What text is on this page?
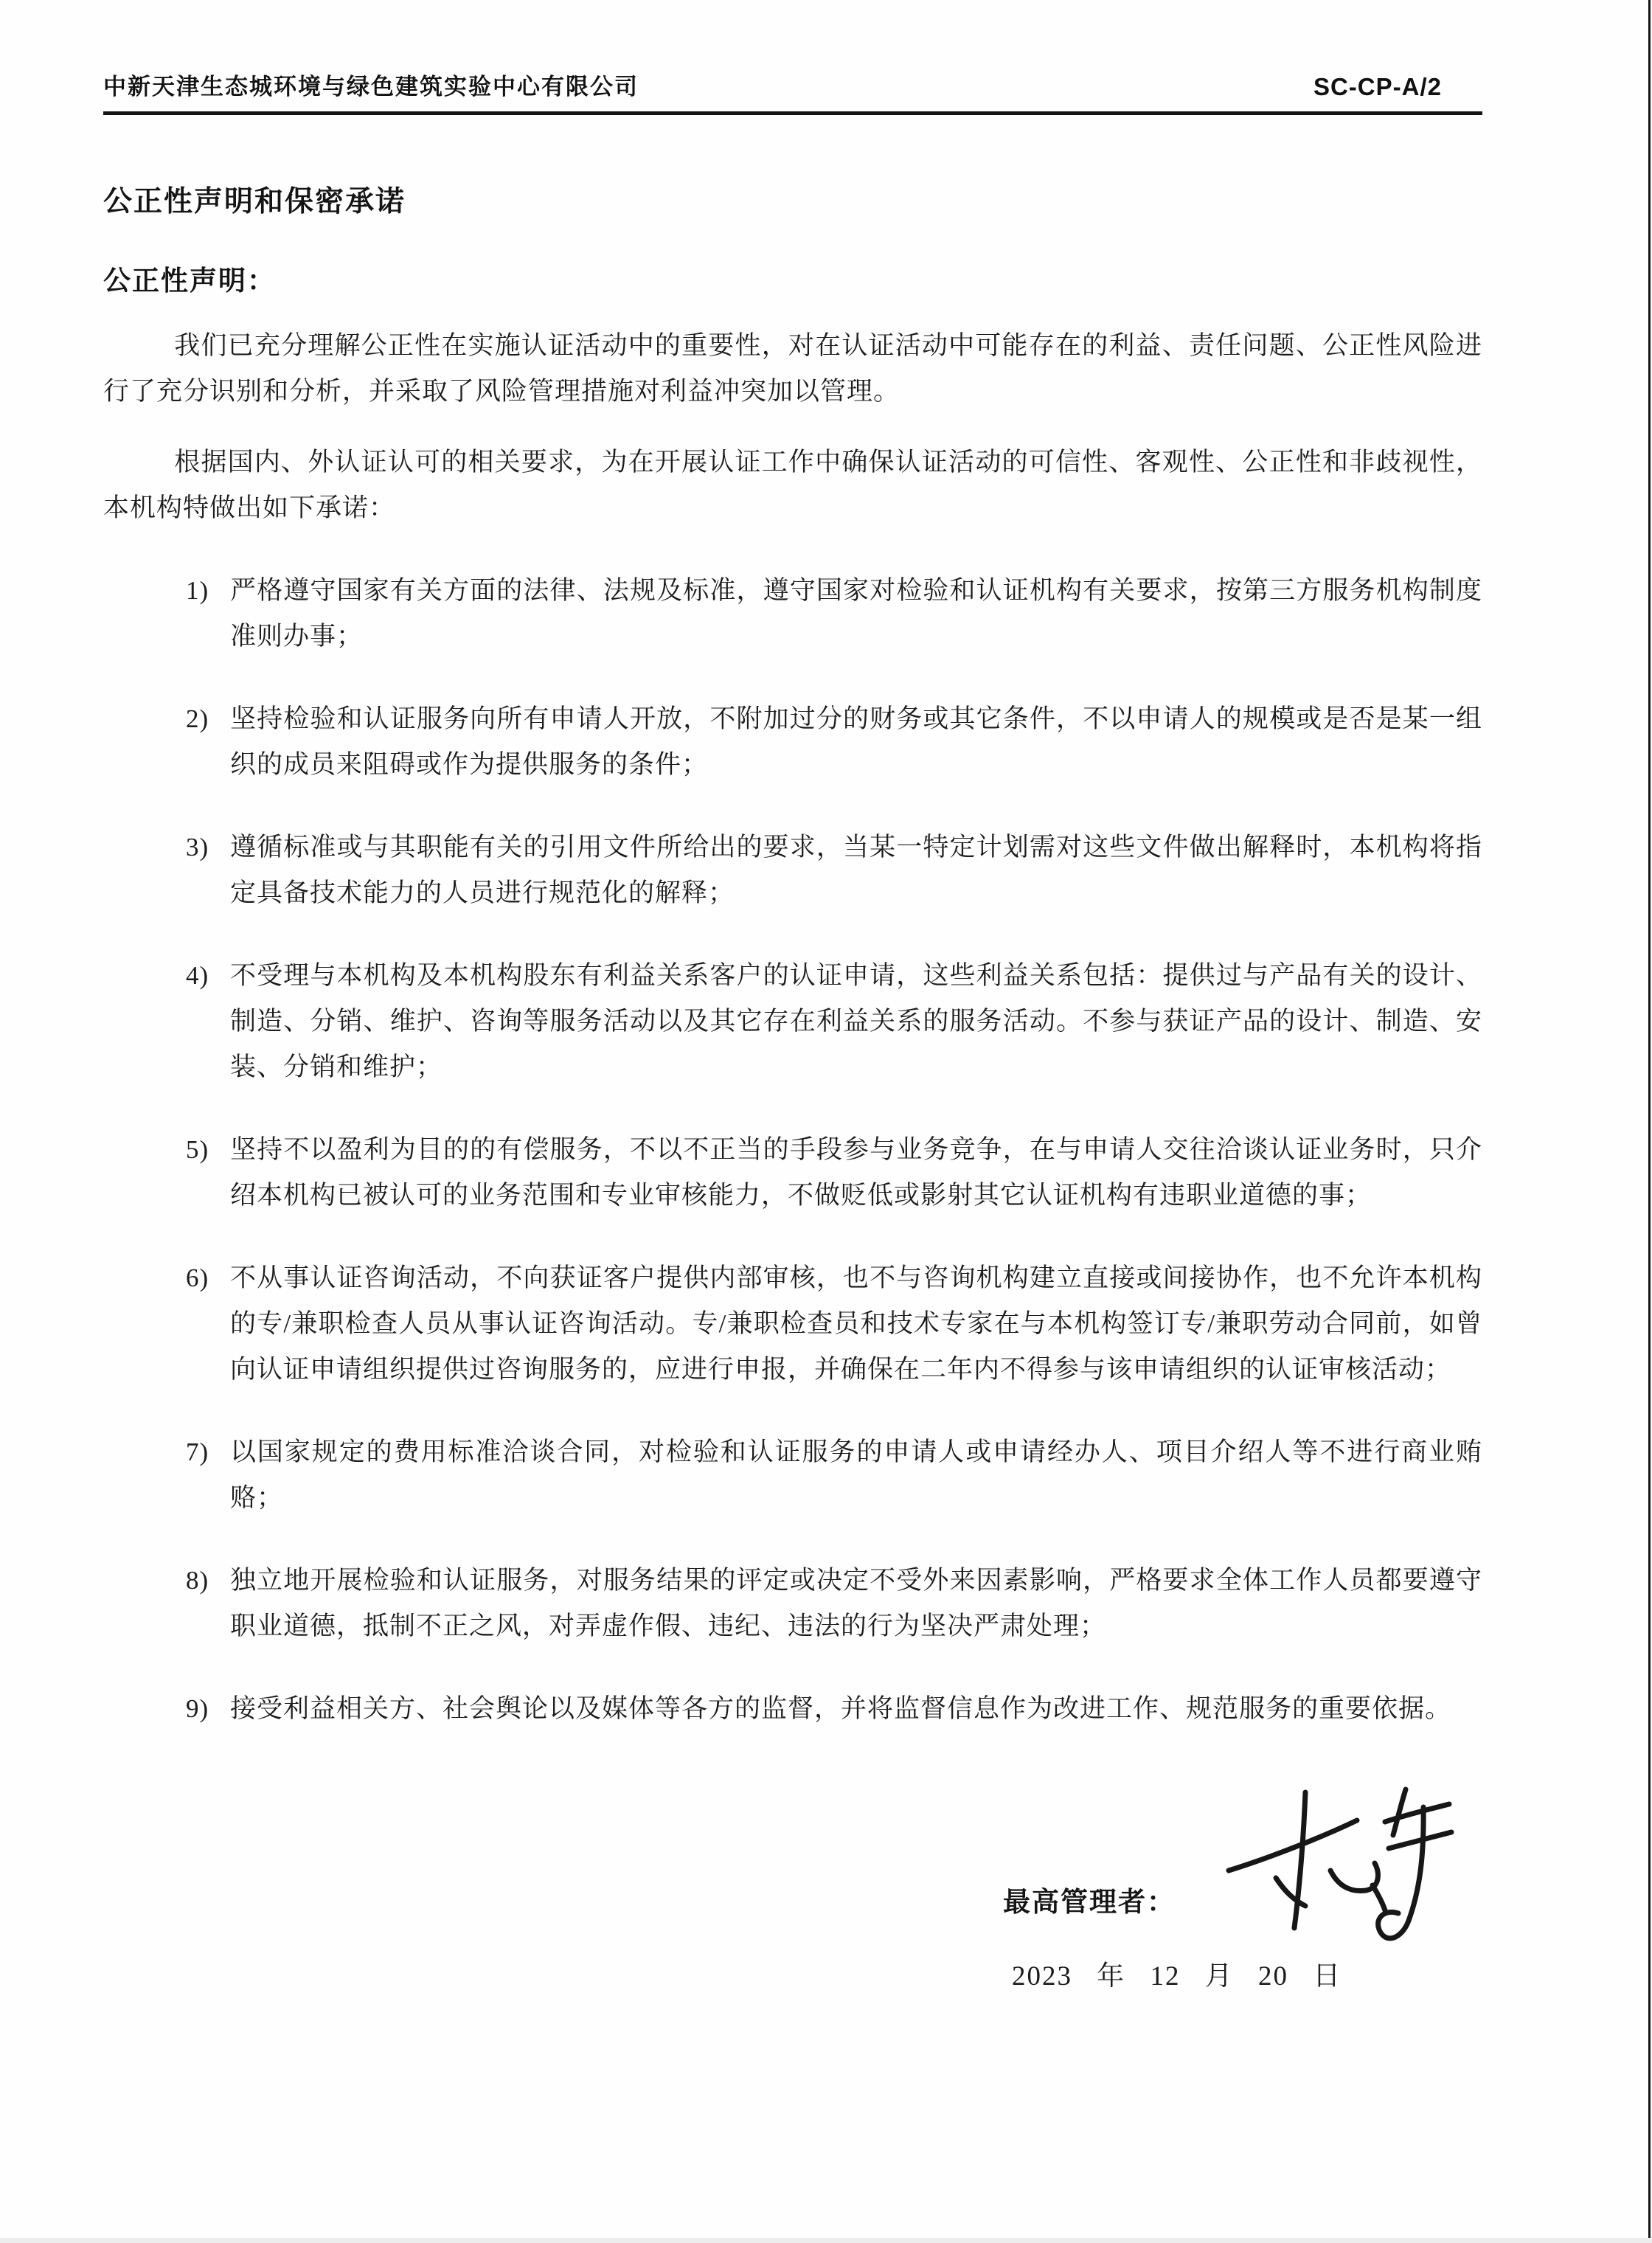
中新天津生态城环境与绿色建筑实验中心有限公司	SC-CP-A/2
公正性声明和保密承诺
公正性声明：
我们已充分理解公正性在实施认证活动中的重要性，对在认证活动中可能存在的利益、责任问题、公正性风险进行了充分识别和分析，并采取了风险管理措施对利益冲突加以管理。
根据国内、外认证认可的相关要求，为在开展认证工作中确保认证活动的可信性、客观性、公正性和非歧视性，本机构特做出如下承诺：
1) 严格遵守国家有关方面的法律、法规及标准，遵守国家对检验和认证机构有关要求，按第三方服务机构制度准则办事；
2) 坚持检验和认证服务向所有申请人开放，不附加过分的财务或其它条件，不以申请人的规模或是否是某一组织的成员来阻碍或作为提供服务的条件；
3) 遵循标准或与其职能有关的引用文件所给出的要求，当某一特定计划需对这些文件做出解释时，本机构将指定具备技术能力的人员进行规范化的解释；
4) 不受理与本机构及本机构股东有利益关系客户的认证申请，这些利益关系包括：提供过与产品有关的设计、制造、分销、维护、咨询等服务活动以及其它存在利益关系的服务活动。不参与获证产品的设计、制造、安装、分销和维护；
5) 坚持不以盈利为目的的有偿服务，不以不正当的手段参与业务竞争，在与申请人交往洽谈认证业务时，只介绍本机构已被认可的业务范围和专业审核能力，不做贬低或影射其它认证机构有违职业道德的事；
6) 不从事认证咨询活动，不向获证客户提供内部审核，也不与咨询机构建立直接或间接协作，也不允许本机构的专/兼职检查人员从事认证咨询活动。专/兼职检查员和技术专家在与本机构签订专/兼职劳动合同前，如曾向认证申请组织提供过咨询服务的，应进行申报，并确保在二年内不得参与该申请组织的认证审核活动；
7) 以国家规定的费用标准洽谈合同，对检验和认证服务的申请人或申请经办人、项目介绍人等不进行商业贿赂；
8) 独立地开展检验和认证服务，对服务结果的评定或决定不受外来因素影响，严格要求全体工作人员都要遵守职业道德，抵制不正之风，对弄虚作假、违纪、违法的行为坚决严肃处理；
9) 接受利益相关方、社会舆论以及媒体等各方的监督，并将监督信息作为改进工作、规范服务的重要依据。
最高管理者：
2023 年 12 月 20 日
